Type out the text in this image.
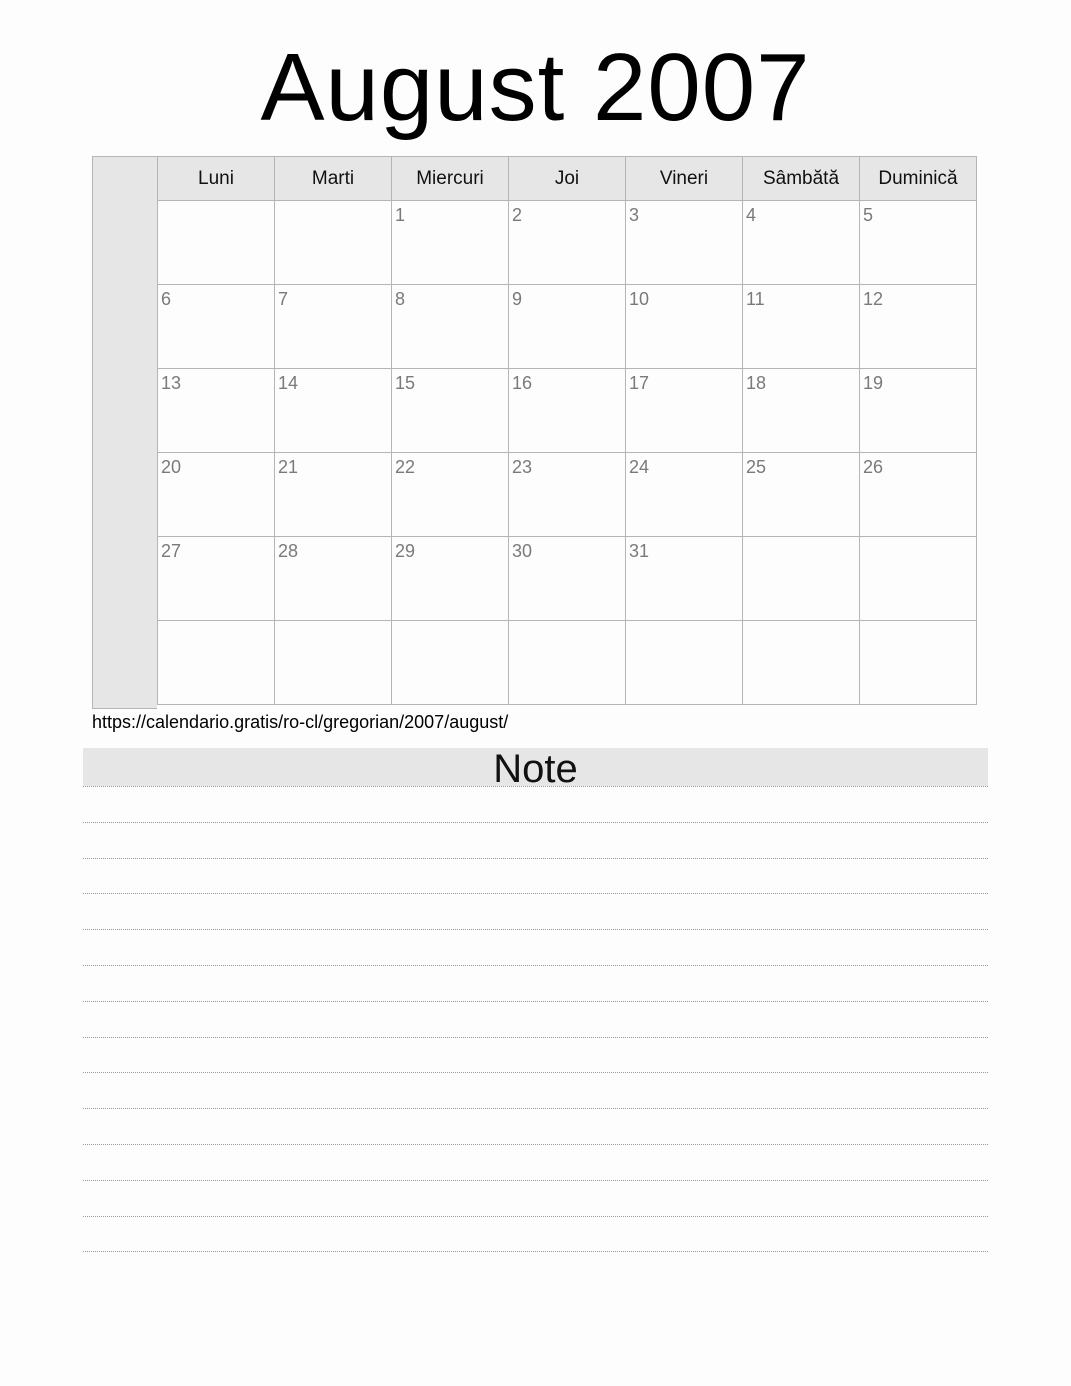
August 2007
Luni	Marti	Miercuri	Joi	Vineri	Sâmbătă	Duminică
		1	2	3	4	5
6	7	8	9	10	11	12
13	14	15	16	17	18	19
20	21	22	23	24	25	26
27	28	29	30	31		

https://calendario.gratis/ro-cl/gregorian/2007/august/
Note
